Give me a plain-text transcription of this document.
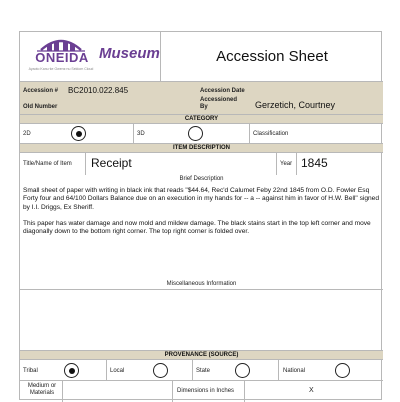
ONEIDA
Ayaoto Kanu·ke Owens·nu Seldom Cloud
Museum	Accession Sheet
Accession # BC2010.022.845	Accession Date
Old Number
Accessioned By	Gerzetich, Courtney
CATEGORY
2D	3D	Classification
ITEM DESCRIPTION
Title/Name of Item Receipt	Year 1845
Brief Description

Small sheet of paper with writing in black ink that reads "$44.64, Rec'd Calumet Feby 22nd 1845 from O.D. Fowler Esq Forty four and 64/100 Dollars Balance due on an execution in my hands for -- a -- against him in favor of H.W. Bell" signed by I.I. Driggs, Ex Sheriff.

This paper has water damage and now mold and mildew damage. The black stains start in the top left corner and move diagonally down to the bottom right corner. The top right corner is folded over.

Miscellaneous Information
PROVENANCE (SOURCE)
Tribal	Local	State	National
Medium or Materials	Dimensions in Inches	X
